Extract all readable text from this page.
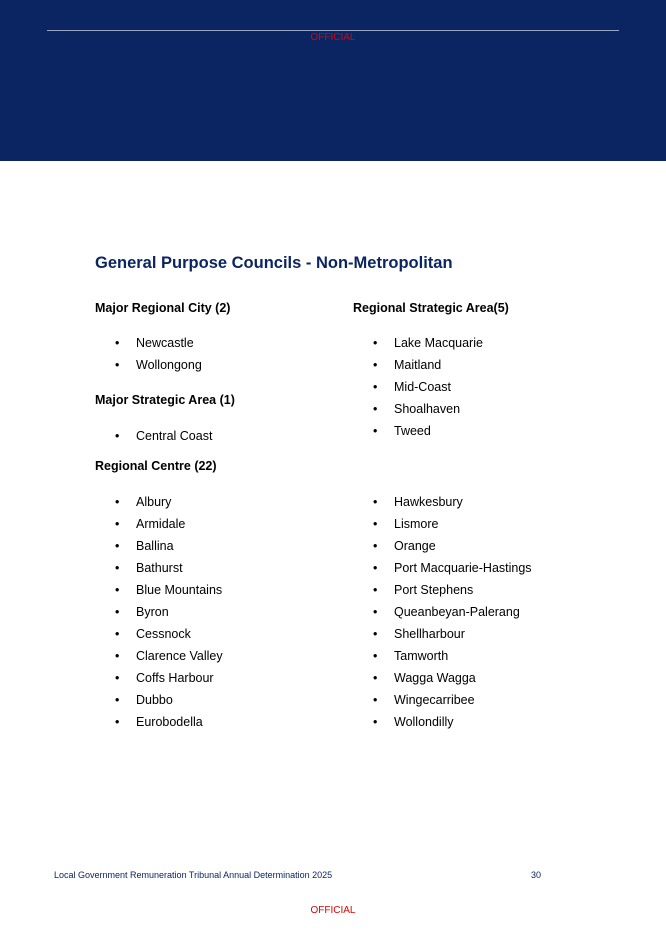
OFFICIAL
General Purpose Councils - Non-Metropolitan
Major Regional City (2)
• Newcastle
• Wollongong
Major Strategic Area (1)
• Central Coast
Regional Strategic Area(5)
• Lake Macquarie
• Maitland
• Mid-Coast
• Shoalhaven
• Tweed
Regional Centre (22)
• Albury
• Armidale
• Ballina
• Bathurst
• Blue Mountains
• Byron
• Cessnock
• Clarence Valley
• Coffs Harbour
• Dubbo
• Eurobodella
• Hawkesbury
• Lismore
• Orange
• Port Macquarie-Hastings
• Port Stephens
• Queanbeyan-Palerang
• Shellharbour
• Tamworth
• Wagga Wagga
• Wingecarribee
• Wollondilly
Local Government Remuneration Tribunal Annual Determination 2025	30
OFFICIAL
